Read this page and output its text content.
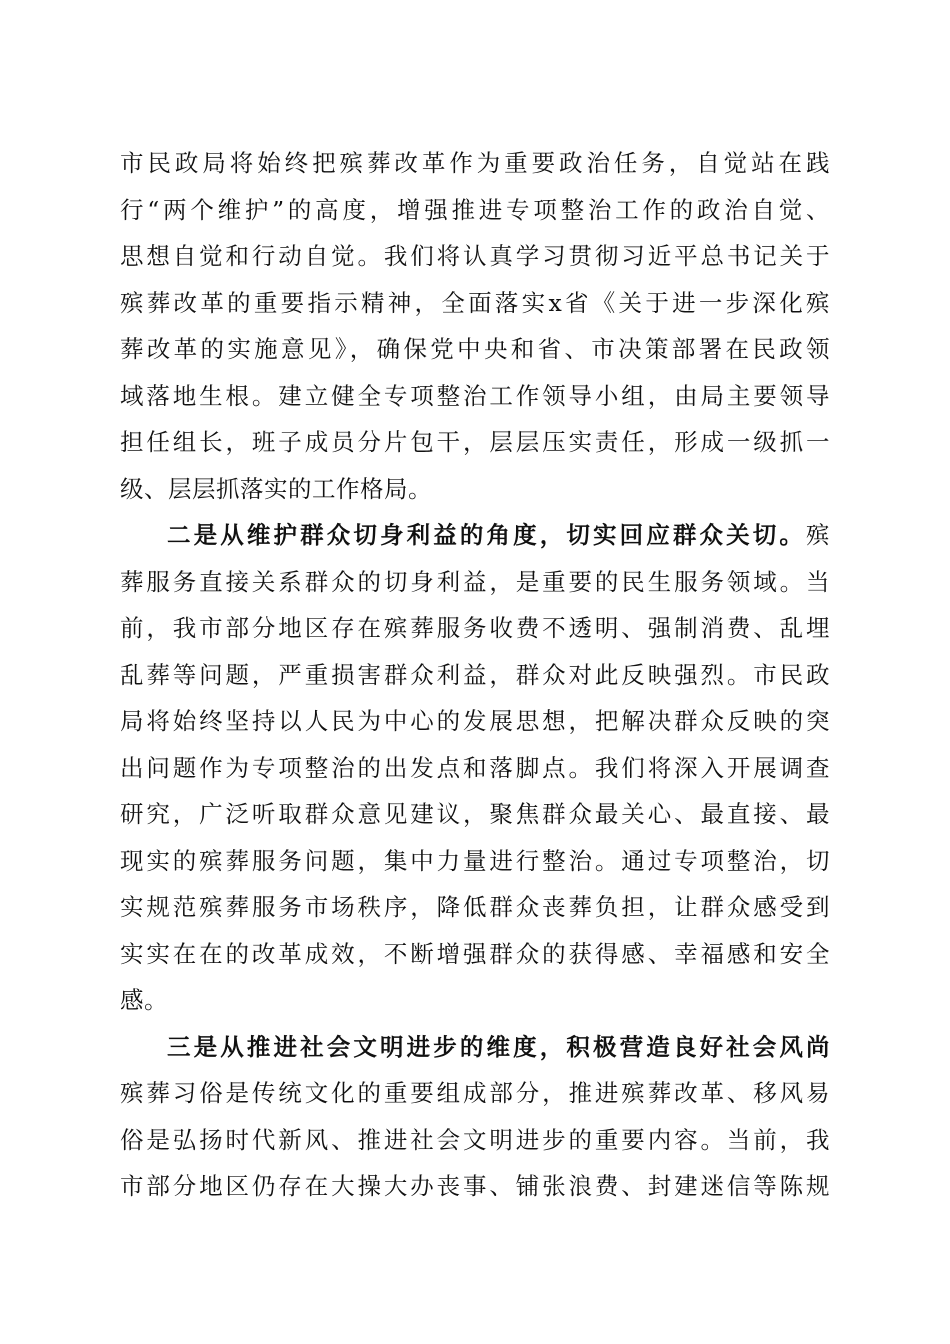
市民政局将始终把殡葬改革作为重要政治任务，自觉站在践
行“两个维护”的高度，增强推进专项整治工作的政治自觉、
思想自觉和行动自觉。我们将认真学习贯彻习近平总书记关于
殡葬改革的重要指示精神，全面落实x省《关于进一步深化殡
葬改革的实施意见》，确保党中央和省、市决策部署在民政领
域落地生根。建立健全专项整治工作领导小组，由局主要领导
担任组长，班子成员分片包干，层层压实责任，形成一级抓一
级、层层抓落实的工作格局。
二是从维护群众切身利益的角度，切实回应群众关切。殡
葬服务直接关系群众的切身利益，是重要的民生服务领域。当
前，我市部分地区存在殡葬服务收费不透明、强制消费、乱埋
乱葬等问题，严重损害群众利益，群众对此反映强烈。市民政
局将始终坚持以人民为中心的发展思想，把解决群众反映的突
出问题作为专项整治的出发点和落脚点。我们将深入开展调查
研究，广泛听取群众意见建议，聚焦群众最关心、最直接、最
现实的殡葬服务问题，集中力量进行整治。通过专项整治，切
实规范殡葬服务市场秩序，降低群众丧葬负担，让群众感受到
实实在在的改革成效，不断增强群众的获得感、幸福感和安全
感。
三是从推进社会文明进步的维度，积极营造良好社会风尚
殡葬习俗是传统文化的重要组成部分，推进殡葬改革、移风易
俗是弘扬时代新风、推进社会文明进步的重要内容。当前，我
市部分地区仍存在大操大办丧事、铺张浪费、封建迷信等陈规
